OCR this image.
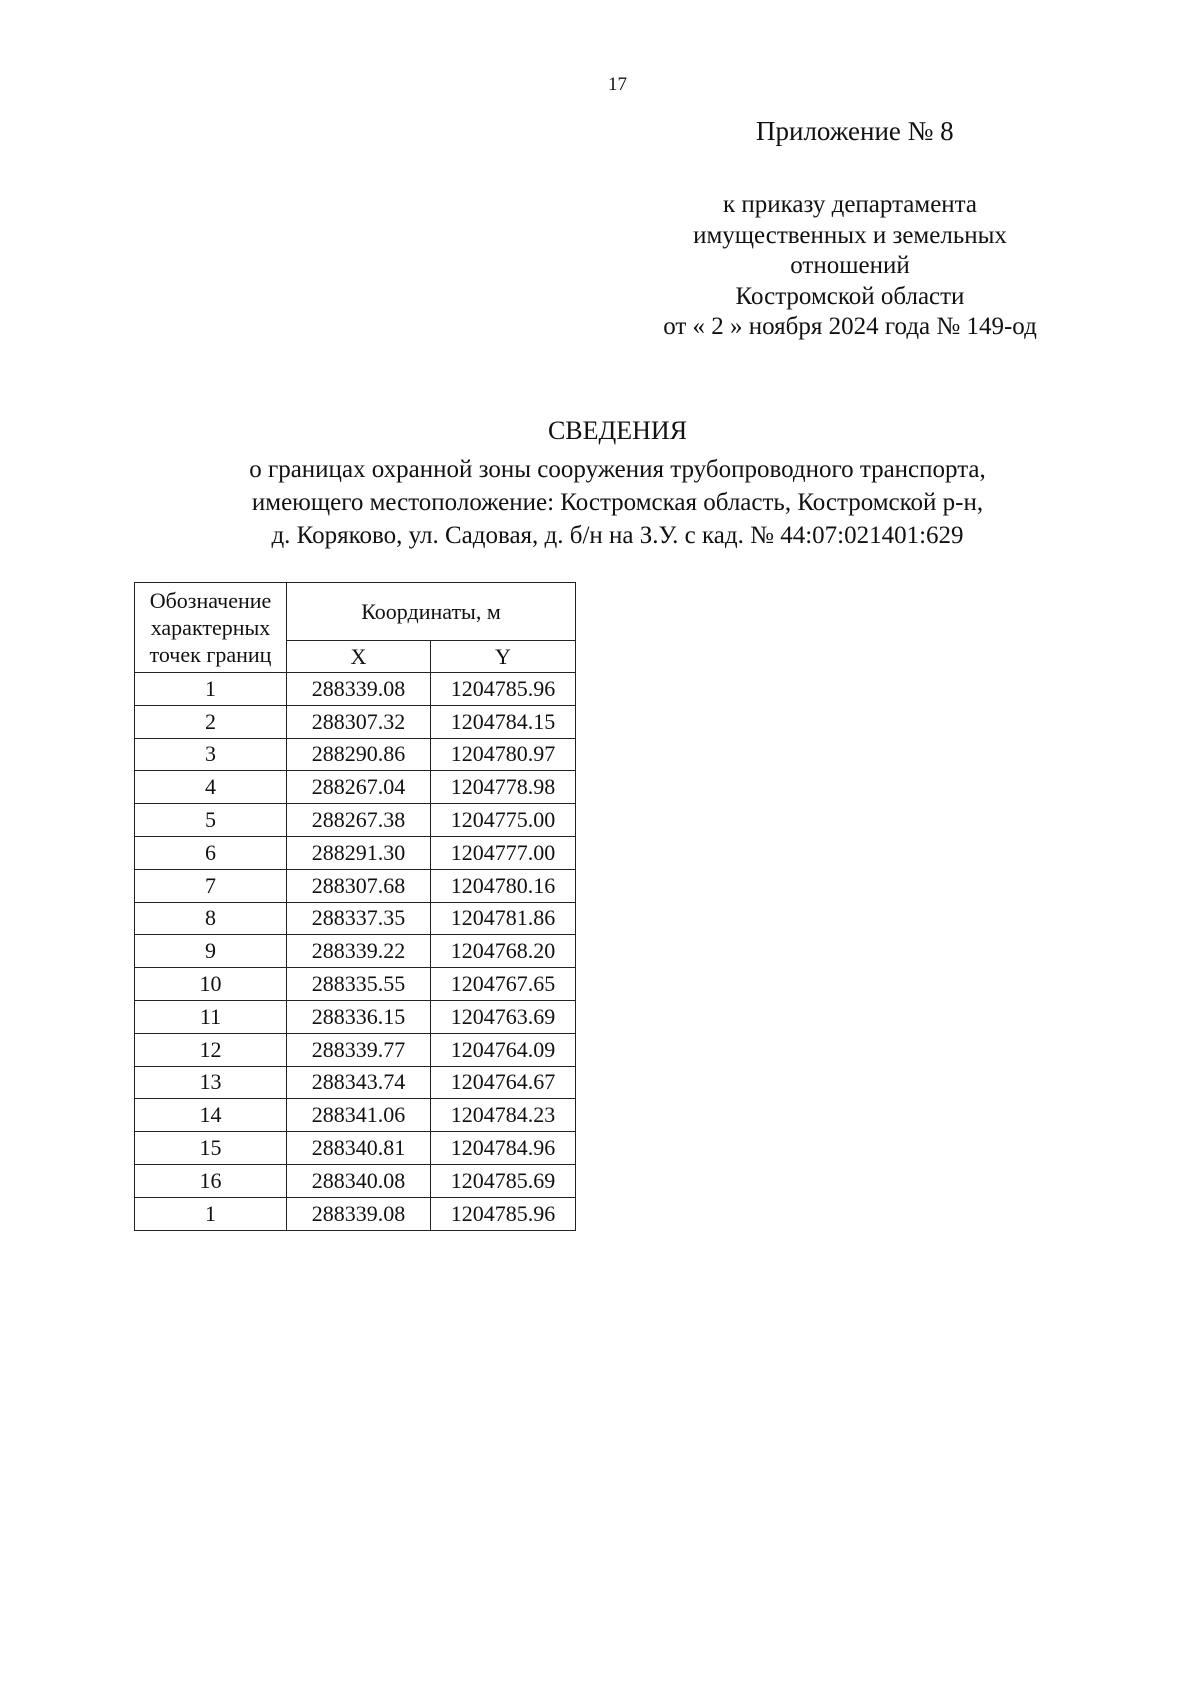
17
Приложение № 8
к приказу департамента
имущественных и земельных
отношений
Костромской области
от « 2 » ноября 2024 года № 149-од
СВЕДЕНИЯ
о границах охранной зоны сооружения трубопроводного транспорта,
имеющего местоположение: Костромская область, Костромской р-н,
д. Коряково, ул. Садовая, д. б/н на З.У. с кад. № 44:07:021401:629
Обозначение
характерных
точек границ	Координаты, м	
	X	Y
1	288339.08	1204785.96
2	288307.32	1204784.15
3	288290.86	1204780.97
4	288267.04	1204778.98
5	288267.38	1204775.00
6	288291.30	1204777.00
7	288307.68	1204780.16
8	288337.35	1204781.86
9	288339.22	1204768.20
10	288335.55	1204767.65
11	288336.15	1204763.69
12	288339.77	1204764.09
13	288343.74	1204764.67
14	288341.06	1204784.23
15	288340.81	1204784.96
16	288340.08	1204785.69
1	288339.08	1204785.96
